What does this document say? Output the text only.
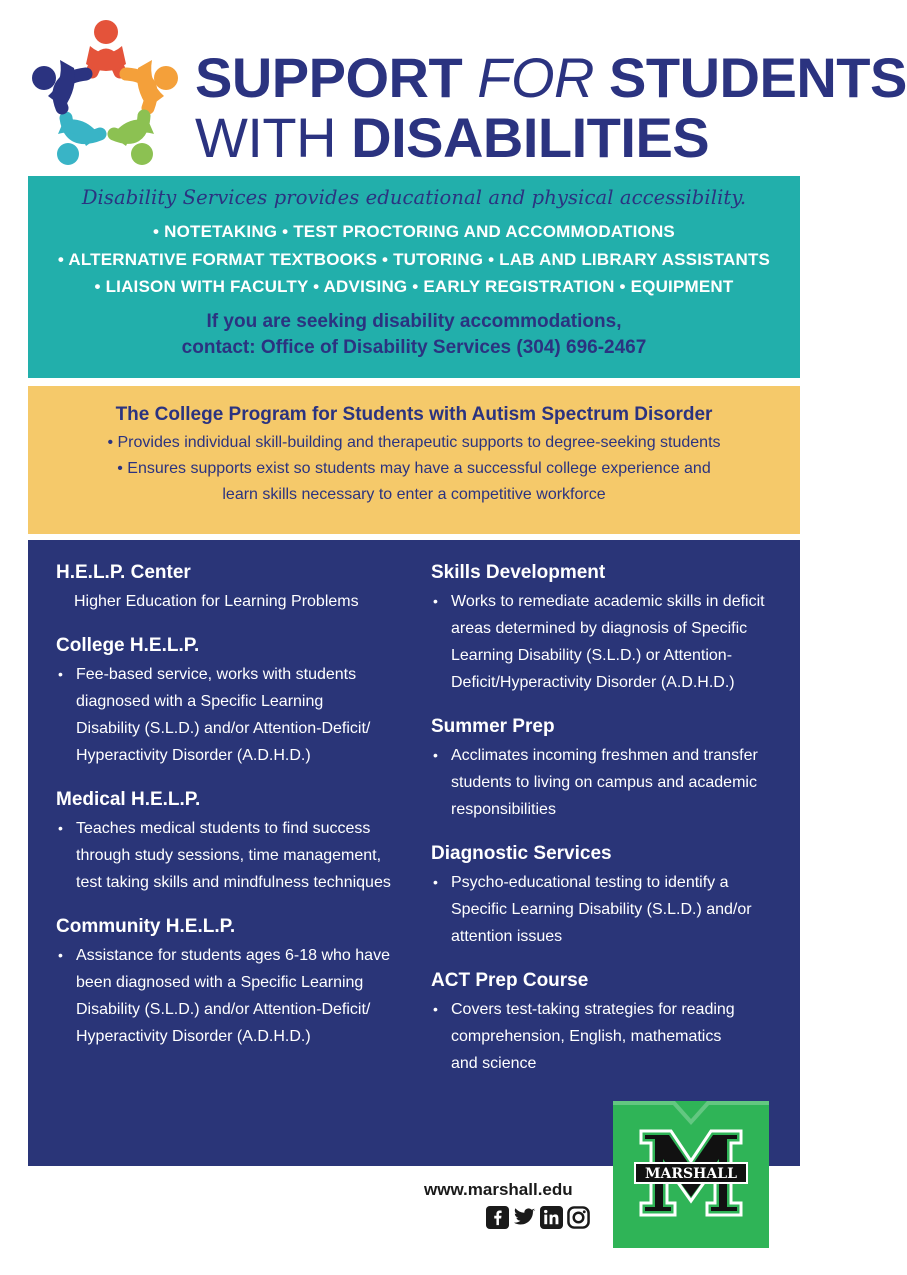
SUPPORT FOR STUDENTS
WITH DISABILITIES
Disability Services provides educational and physical accessibility.
• NOTETAKING • TEST PROCTORING AND ACCOMMODATIONS
• ALTERNATIVE FORMAT TEXTBOOKS • TUTORING • LAB AND LIBRARY ASSISTANTS
• LIAISON WITH FACULTY • ADVISING • EARLY REGISTRATION • EQUIPMENT
If you are seeking disability accommodations,
contact: Office of Disability Services (304) 696-2467
The College Program for Students with Autism Spectrum Disorder
• Provides individual skill-building and therapeutic supports to degree-seeking students
• Ensures supports exist so students may have a successful college experience and
learn skills necessary to enter a competitive workforce
H.E.L.P. Center
Higher Education for Learning Problems
College H.E.L.P.
• Fee-based service, works with students
diagnosed with a Specific Learning
Disability (S.L.D.) and/or Attention-Deficit/
Hyperactivity Disorder (A.D.H.D.)
Medical H.E.L.P.
• Teaches medical students to find success
through study sessions, time management,
test taking skills and mindfulness techniques
Community H.E.L.P.
• Assistance for students ages 6-18 who have
been diagnosed with a Specific Learning
Disability (S.L.D.) and/or Attention-Deficit/
Hyperactivity Disorder (A.D.H.D.)
Skills Development
• Works to remediate academic skills in deficit
areas determined by diagnosis of Specific
Learning Disability (S.L.D.) or Attention-
Deficit/Hyperactivity Disorder (A.D.H.D.)
Summer Prep
• Acclimates incoming freshmen and transfer
students to living on campus and academic
responsibilities
Diagnostic Services
• Psycho-educational testing to identify a
Specific Learning Disability (S.L.D.) and/or
attention issues
ACT Prep Course
• Covers test-taking strategies for reading
comprehension, English, mathematics
and science
www.marshall.edu
MARSHALL
